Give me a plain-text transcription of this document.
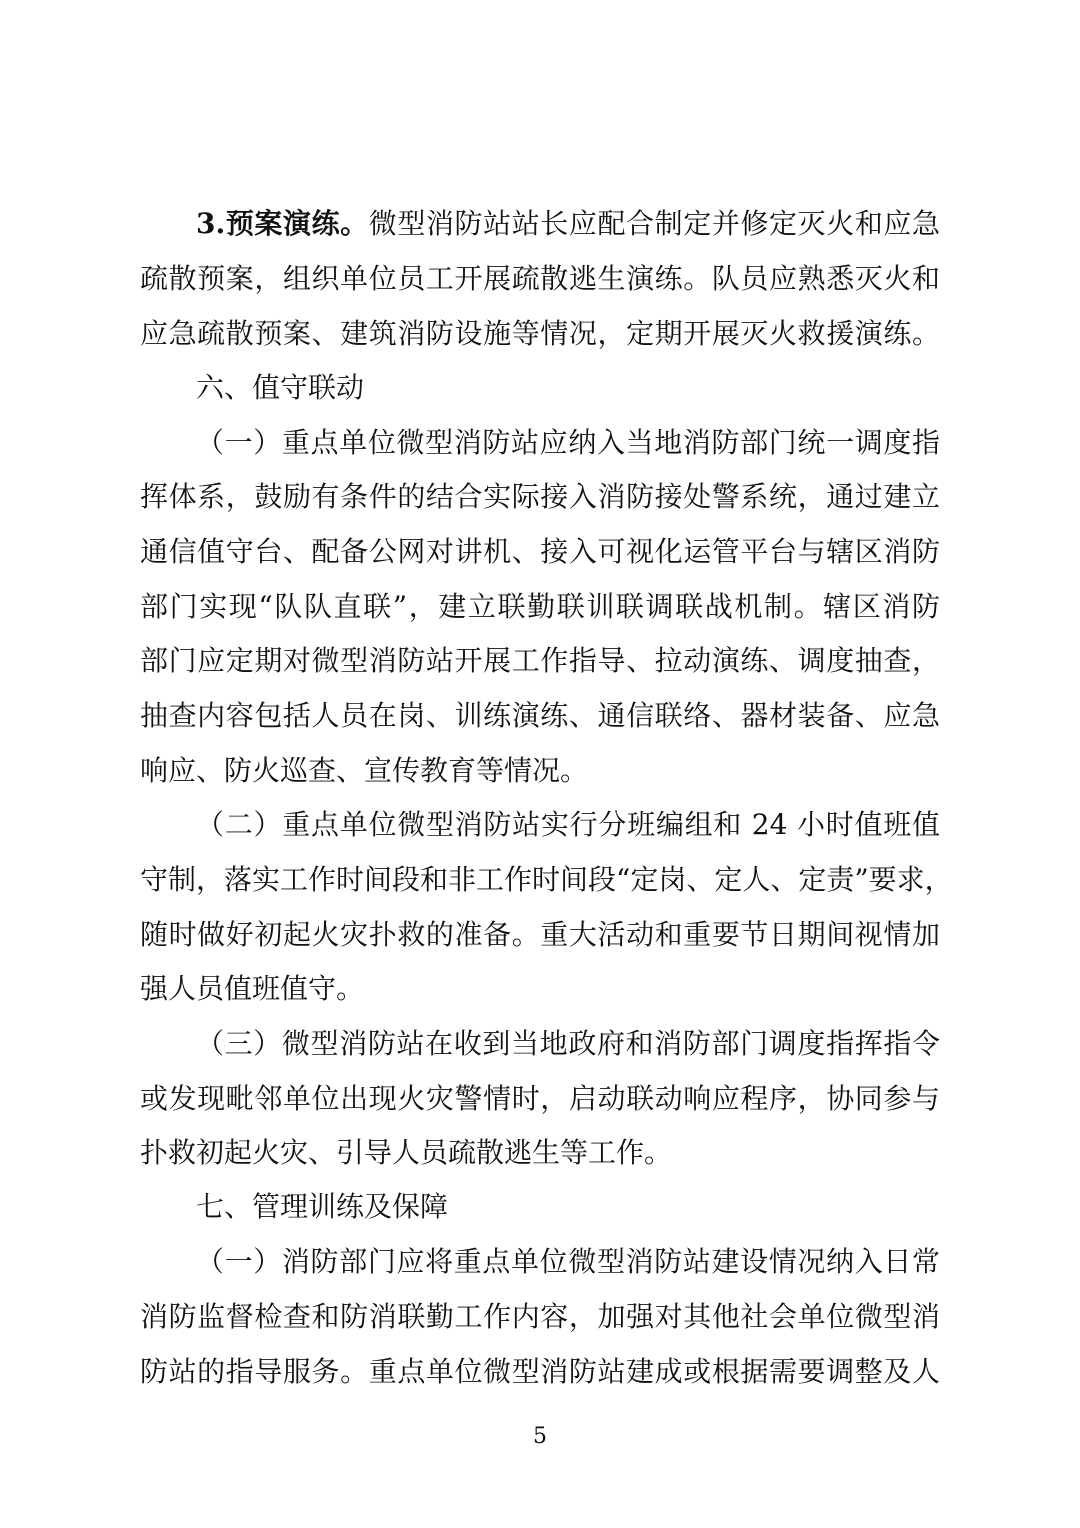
3.预案演练。微型消防站站长应配合制定并修定灭火和应急
疏散预案，组织单位员工开展疏散逃生演练。队员应熟悉灭火和
应急疏散预案、建筑消防设施等情况，定期开展灭火救援演练。
六、值守联动
（一）重点单位微型消防站应纳入当地消防部门统一调度指
挥体系，鼓励有条件的结合实际接入消防接处警系统，通过建立
通信值守台、配备公网对讲机、接入可视化运管平台与辖区消防
部门实现“队队直联”，建立联勤联训联调联战机制。辖区消防
部门应定期对微型消防站开展工作指导、拉动演练、调度抽查，
抽查内容包括人员在岗、训练演练、通信联络、器材装备、应急
响应、防火巡查、宣传教育等情况。
（二）重点单位微型消防站实行分班编组和 24 小时值班值
守制，落实工作时间段和非工作时间段“定岗、定人、定责”要求，
随时做好初起火灾扑救的准备。重大活动和重要节日期间视情加
强人员值班值守。
（三）微型消防站在收到当地政府和消防部门调度指挥指令
或发现毗邻单位出现火灾警情时，启动联动响应程序，协同参与
扑救初起火灾、引导人员疏散逃生等工作。
七、管理训练及保障
（一）消防部门应将重点单位微型消防站建设情况纳入日常
消防监督检查和防消联勤工作内容，加强对其他社会单位微型消
防站的指导服务。重点单位微型消防站建成或根据需要调整及人
5
